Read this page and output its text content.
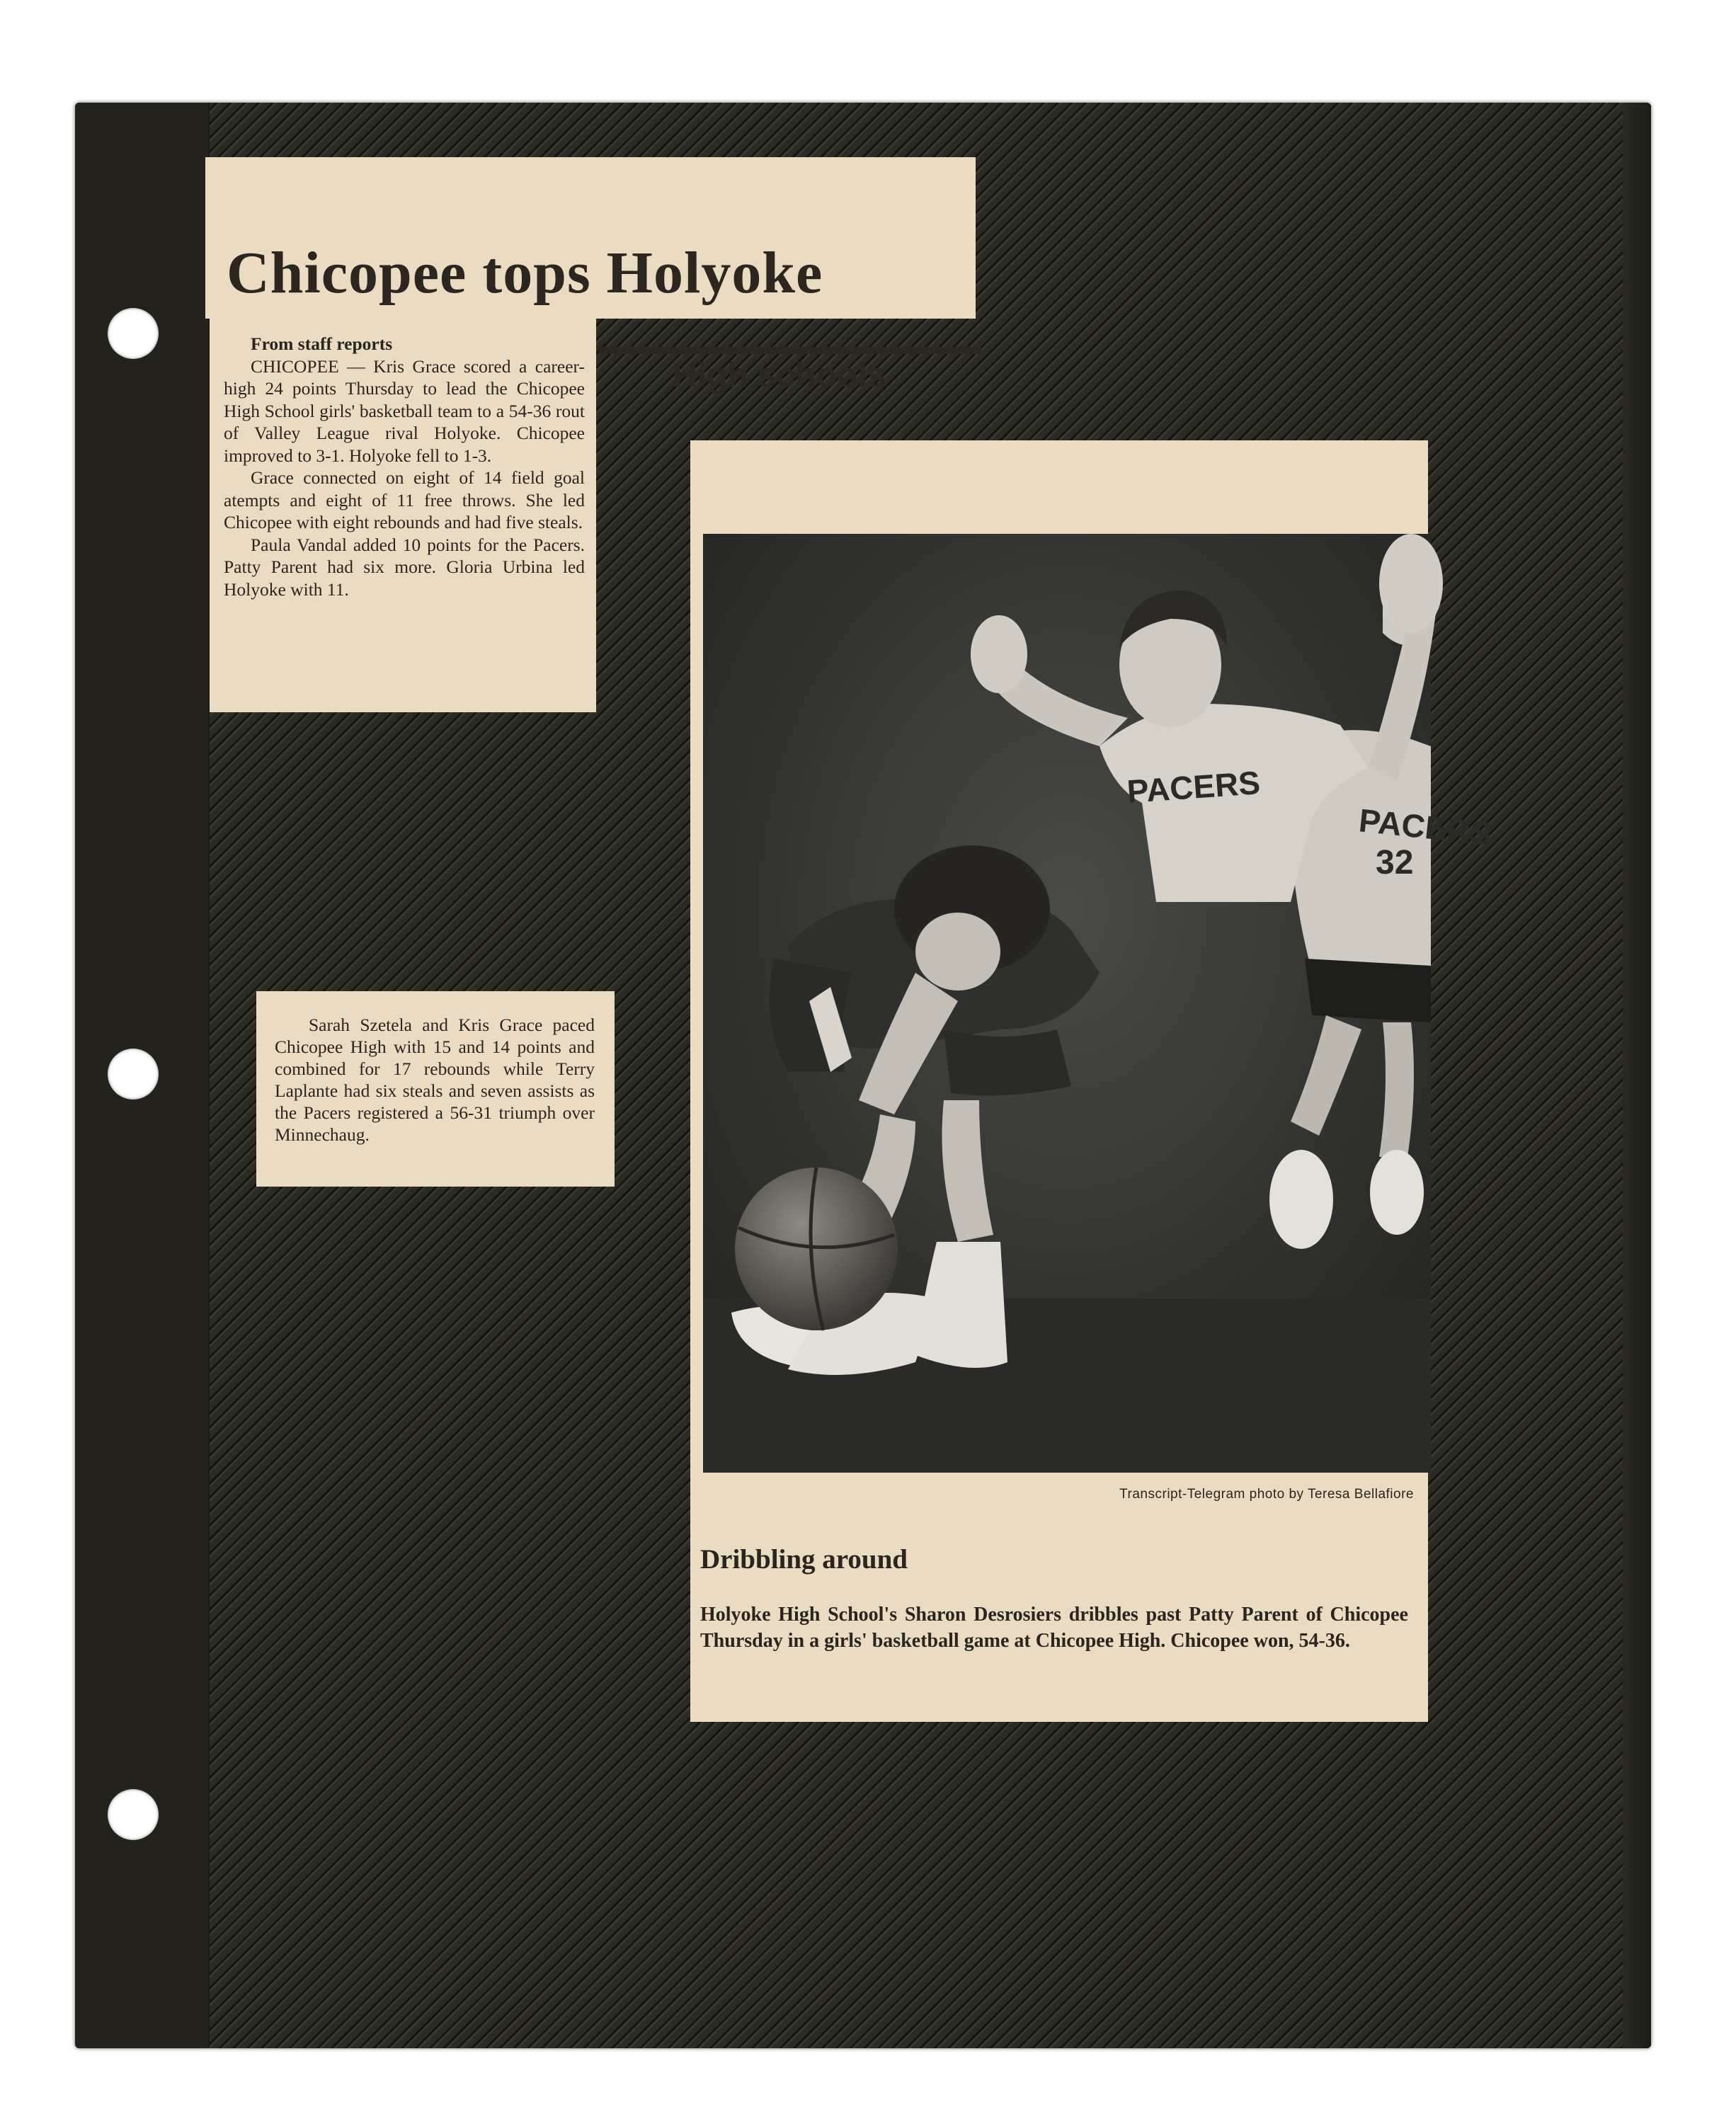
Chicopee tops Holyoke
High schools

From staff reports

CHICOPEE — Kris Grace scored a career-high 24 points Thursday to lead the Chicopee High School girls' basketball team to a 54-36 rout of Valley League rival Holyoke. Chicopee improved to 3-1. Holyoke fell to 1-3.

Grace connected on eight of 14 field goal atempts and eight of 11 free throws. She led Chicopee with eight rebounds and had five steals.

Paula Vandal added 10 points for the Pacers. Patty Parent had six more. Gloria Urbina led Holyoke with 11.

Sarah Szetela and Kris Grace paced Chicopee High with 15 and 14 points and combined for 17 rebounds while Terry Laplante had six steals and seven assists as the Pacers registered a 56-31 triumph over Minnechaug.

PACERS
32
PACERS
Transcript-Telegram photo by Teresa Bellafiore
Dribbling around
Holyoke High School's Sharon Desrosiers dribbles past Patty Parent of Chicopee Thursday in a girls' basketball game at Chicopee High. Chicopee won, 54-36.
